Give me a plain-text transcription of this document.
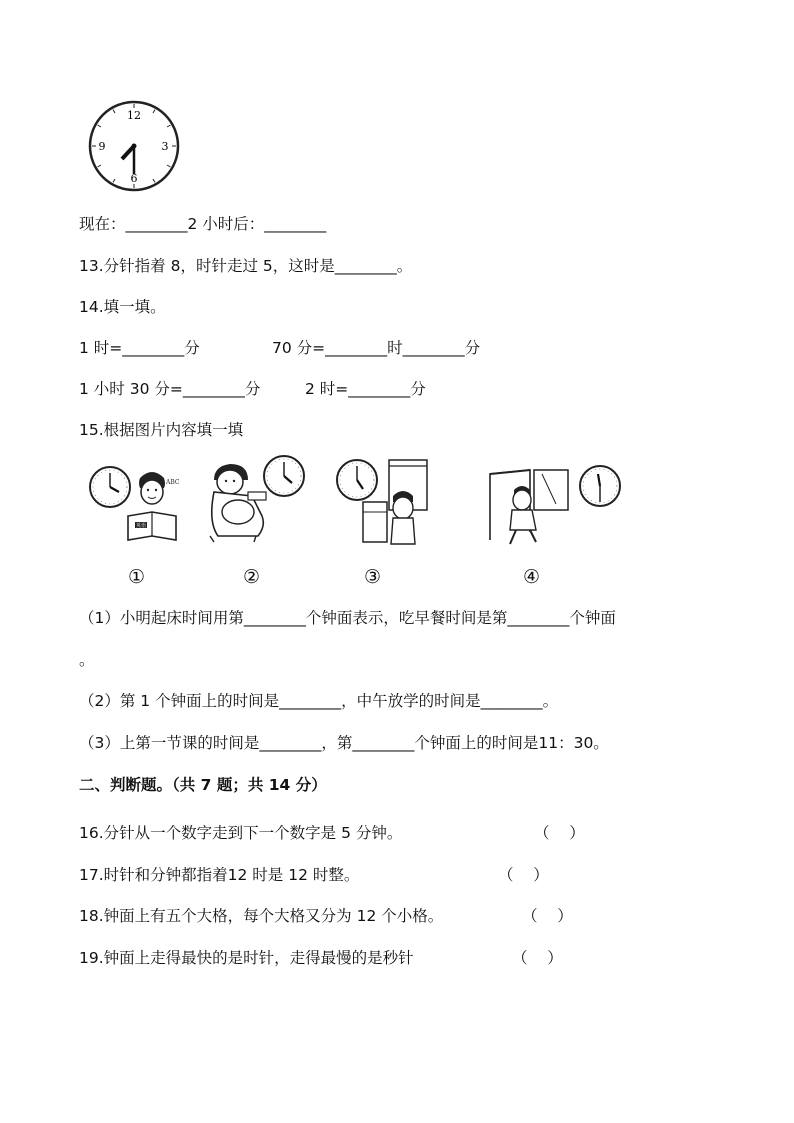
12
3
6
9
现在：________2 小时后：________
13.分针指着 8，时针走过 5，这时是________。
14.填一填。
1 时=________分	70 分=________时________分
1 小时 30 分=________分	2 时=________分
15.根据图片内容填一填
ABC
英语
①	②	③	④
（1）小明起床时间用第________个钟面表示，吃早餐时间是第________个钟面
。
（2）第 1 个钟面上的时间是________，中午放学的时间是________。
（3）上第一节课的时间是________，第________个钟面上的时间是11：30。
二、判断题。（共 7 题；共 14 分）
16.分针从一个数字走到下一个数字是 5 分钟。	（    ）
17.时针和分钟都指着12 时是 12 时整。	（    ）
18.钟面上有五个大格，每个大格又分为 12 个小格。	（    ）
19.钟面上走得最快的是时针，走得最慢的是秒针	（    ）
